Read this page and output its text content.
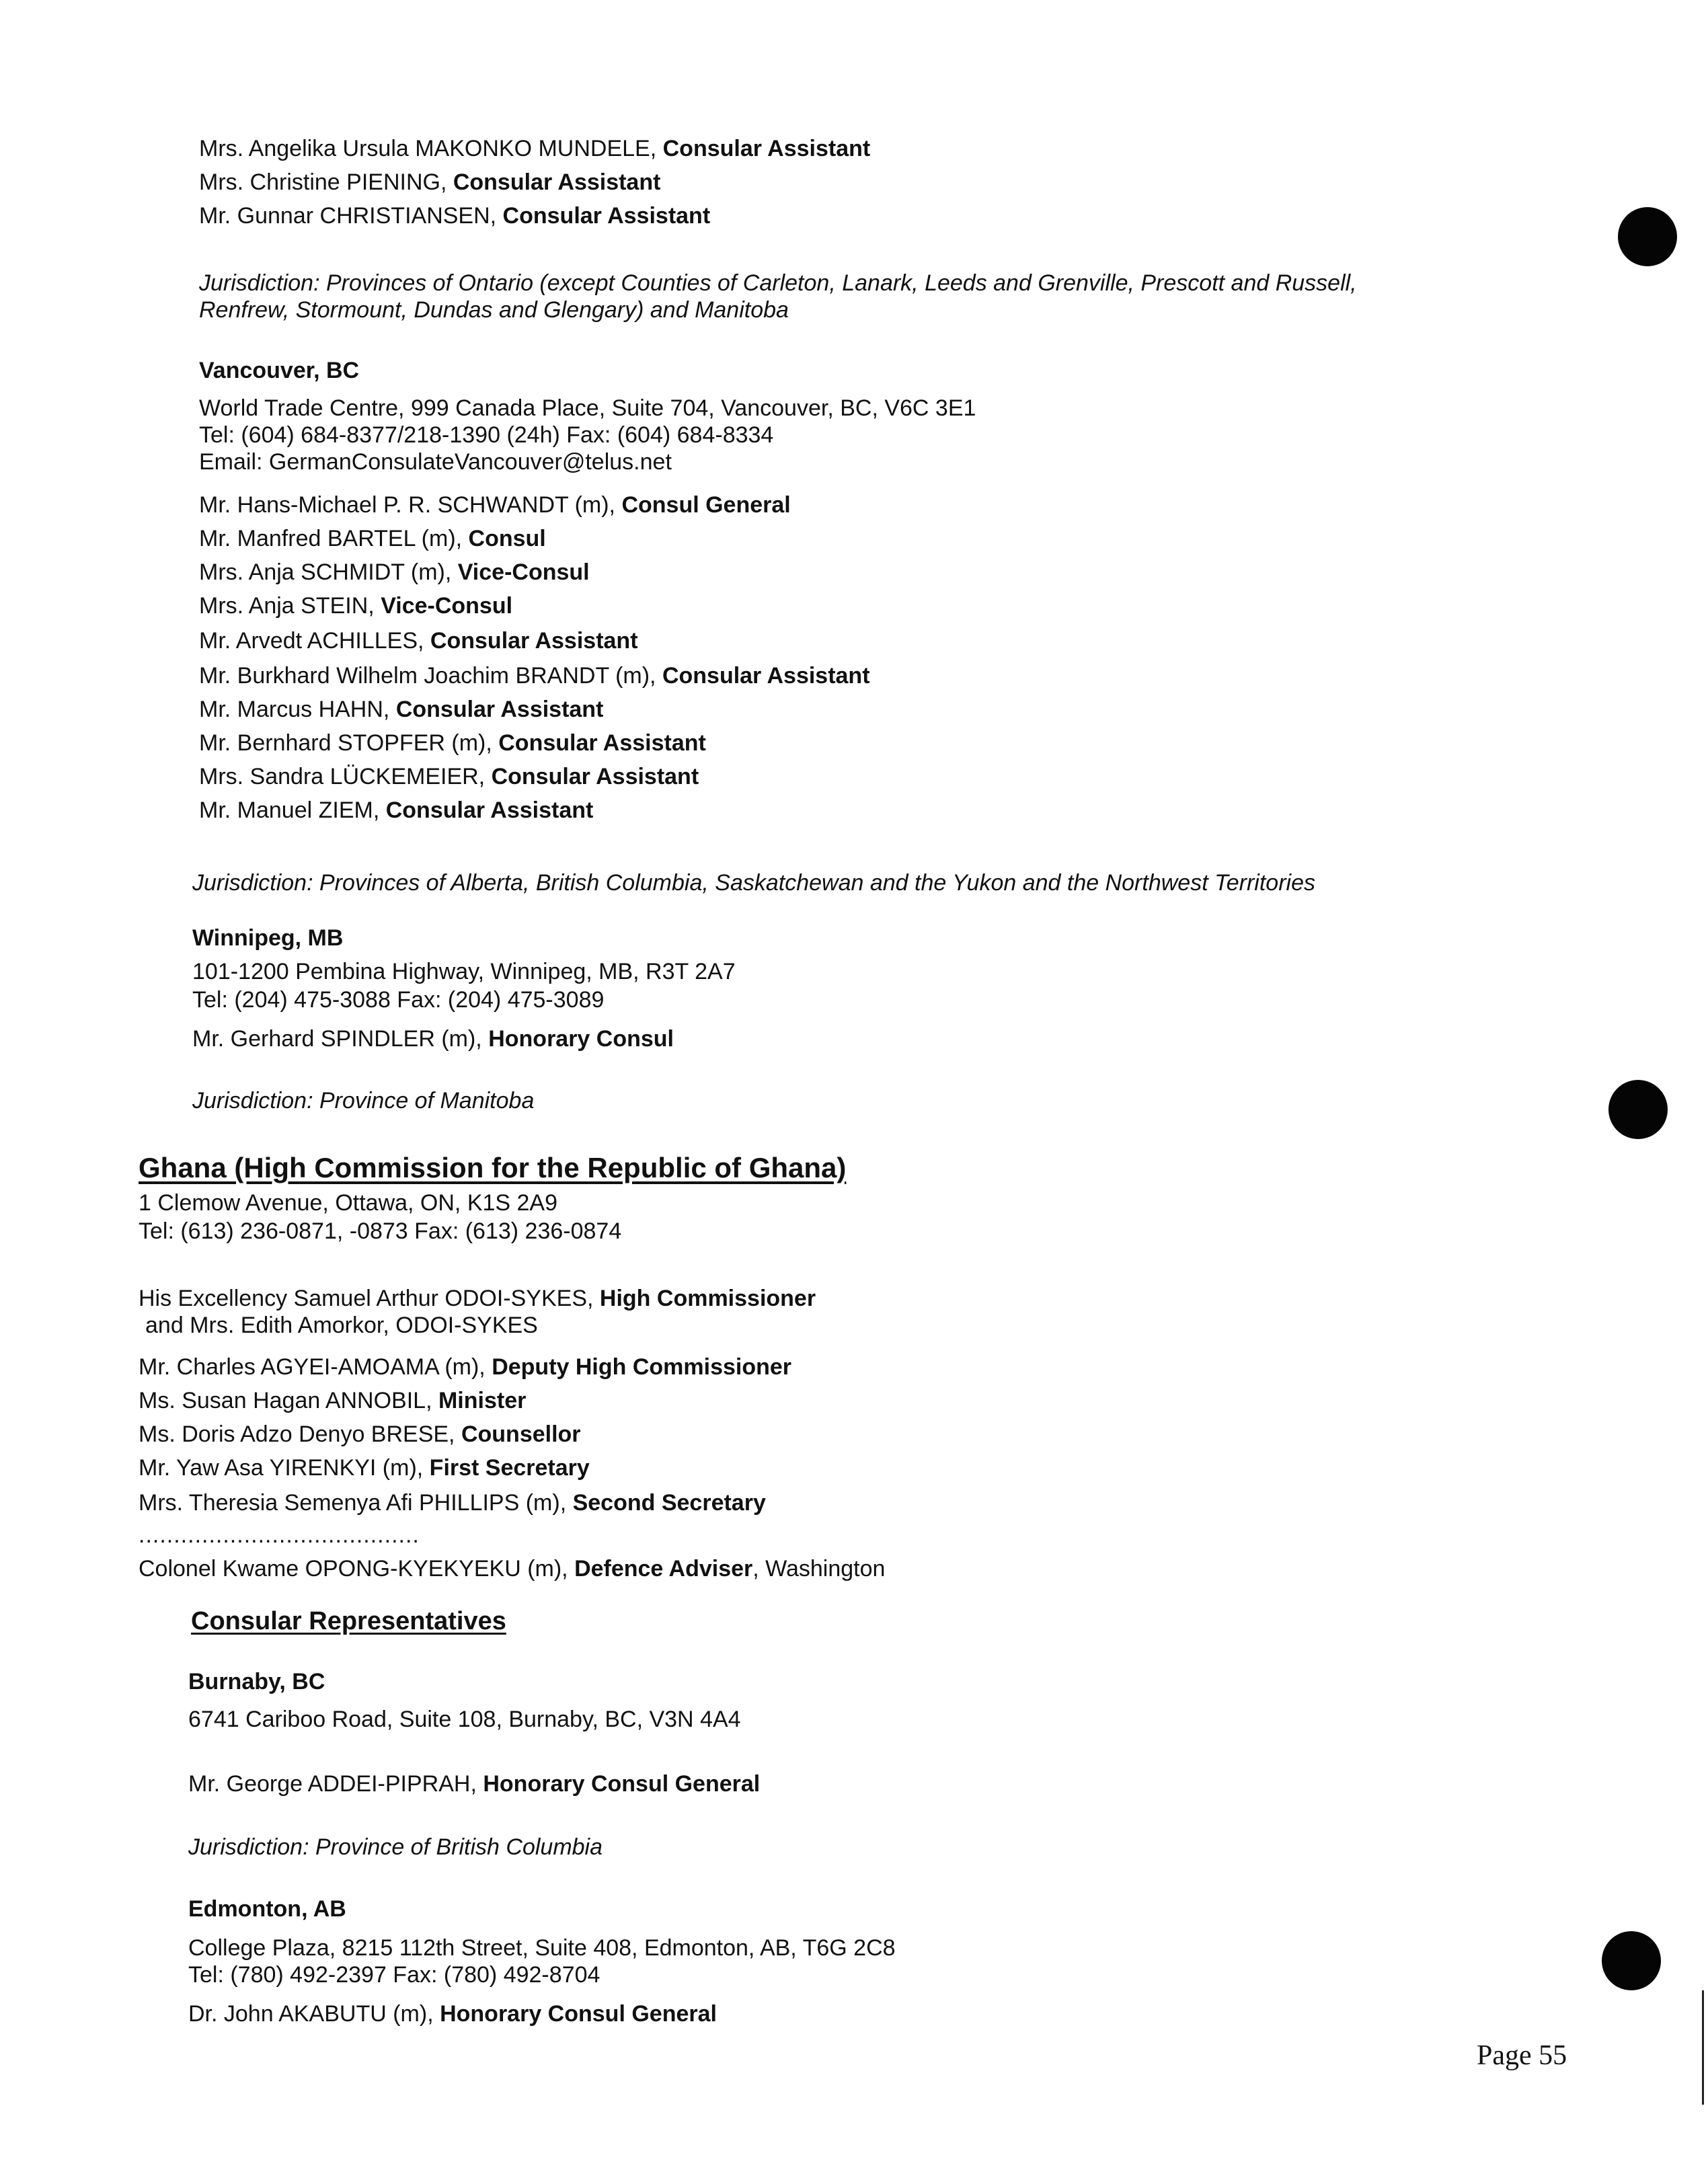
Mrs. Angelika Ursula MAKONKO MUNDELE, Consular Assistant
Mrs. Christine PIENING, Consular Assistant
Mr. Gunnar CHRISTIANSEN, Consular Assistant
Jurisdiction: Provinces of Ontario (except Counties of Carleton, Lanark, Leeds and Grenville, Prescott and Russell,
Renfrew, Stormount, Dundas and Glengary) and Manitoba
Vancouver, BC
World Trade Centre, 999 Canada Place, Suite 704, Vancouver, BC, V6C 3E1
Tel: (604) 684-8377/218-1390 (24h) Fax: (604) 684-8334
Email: GermanConsulateVancouver@telus.net
Mr. Hans-Michael P. R. SCHWANDT (m), Consul General
Mr. Manfred BARTEL (m), Consul
Mrs. Anja SCHMIDT (m), Vice-Consul
Mrs. Anja STEIN, Vice-Consul
Mr. Arvedt ACHILLES, Consular Assistant
Mr. Burkhard Wilhelm Joachim BRANDT (m), Consular Assistant
Mr. Marcus HAHN, Consular Assistant
Mr. Bernhard STOPFER (m), Consular Assistant
Mrs. Sandra LÜCKEMEIER, Consular Assistant
Mr. Manuel ZIEM, Consular Assistant
Jurisdiction: Provinces of Alberta, British Columbia, Saskatchewan and the Yukon and the Northwest Territories
Winnipeg, MB
101-1200 Pembina Highway, Winnipeg, MB, R3T 2A7
Tel: (204) 475-3088 Fax: (204) 475-3089
Mr. Gerhard SPINDLER (m), Honorary Consul
Jurisdiction: Province of Manitoba
Ghana (High Commission for the Republic of Ghana)
1 Clemow Avenue, Ottawa, ON, K1S 2A9
Tel: (613) 236-0871, -0873 Fax: (613) 236-0874
His Excellency Samuel Arthur ODOI-SYKES, High Commissioner
and Mrs. Edith Amorkor, ODOI-SYKES
Mr. Charles AGYEI-AMOAMA (m), Deputy High Commissioner
Ms. Susan Hagan ANNOBIL, Minister
Ms. Doris Adzo Denyo BRESE, Counsellor
Mr. Yaw Asa YIRENKYI (m), First Secretary
Mrs. Theresia Semenya Afi PHILLIPS (m), Second Secretary
........................................
Colonel Kwame OPONG-KYEKYEKU (m), Defence Adviser, Washington
Consular Representatives
Burnaby, BC
6741 Cariboo Road, Suite 108, Burnaby, BC, V3N 4A4
Mr. George ADDEI-PIPRAH, Honorary Consul General
Jurisdiction: Province of British Columbia
Edmonton, AB
College Plaza, 8215 112th Street, Suite 408, Edmonton, AB, T6G 2C8
Tel: (780) 492-2397 Fax: (780) 492-8704
Dr. John AKABUTU (m), Honorary Consul General
Page 55
